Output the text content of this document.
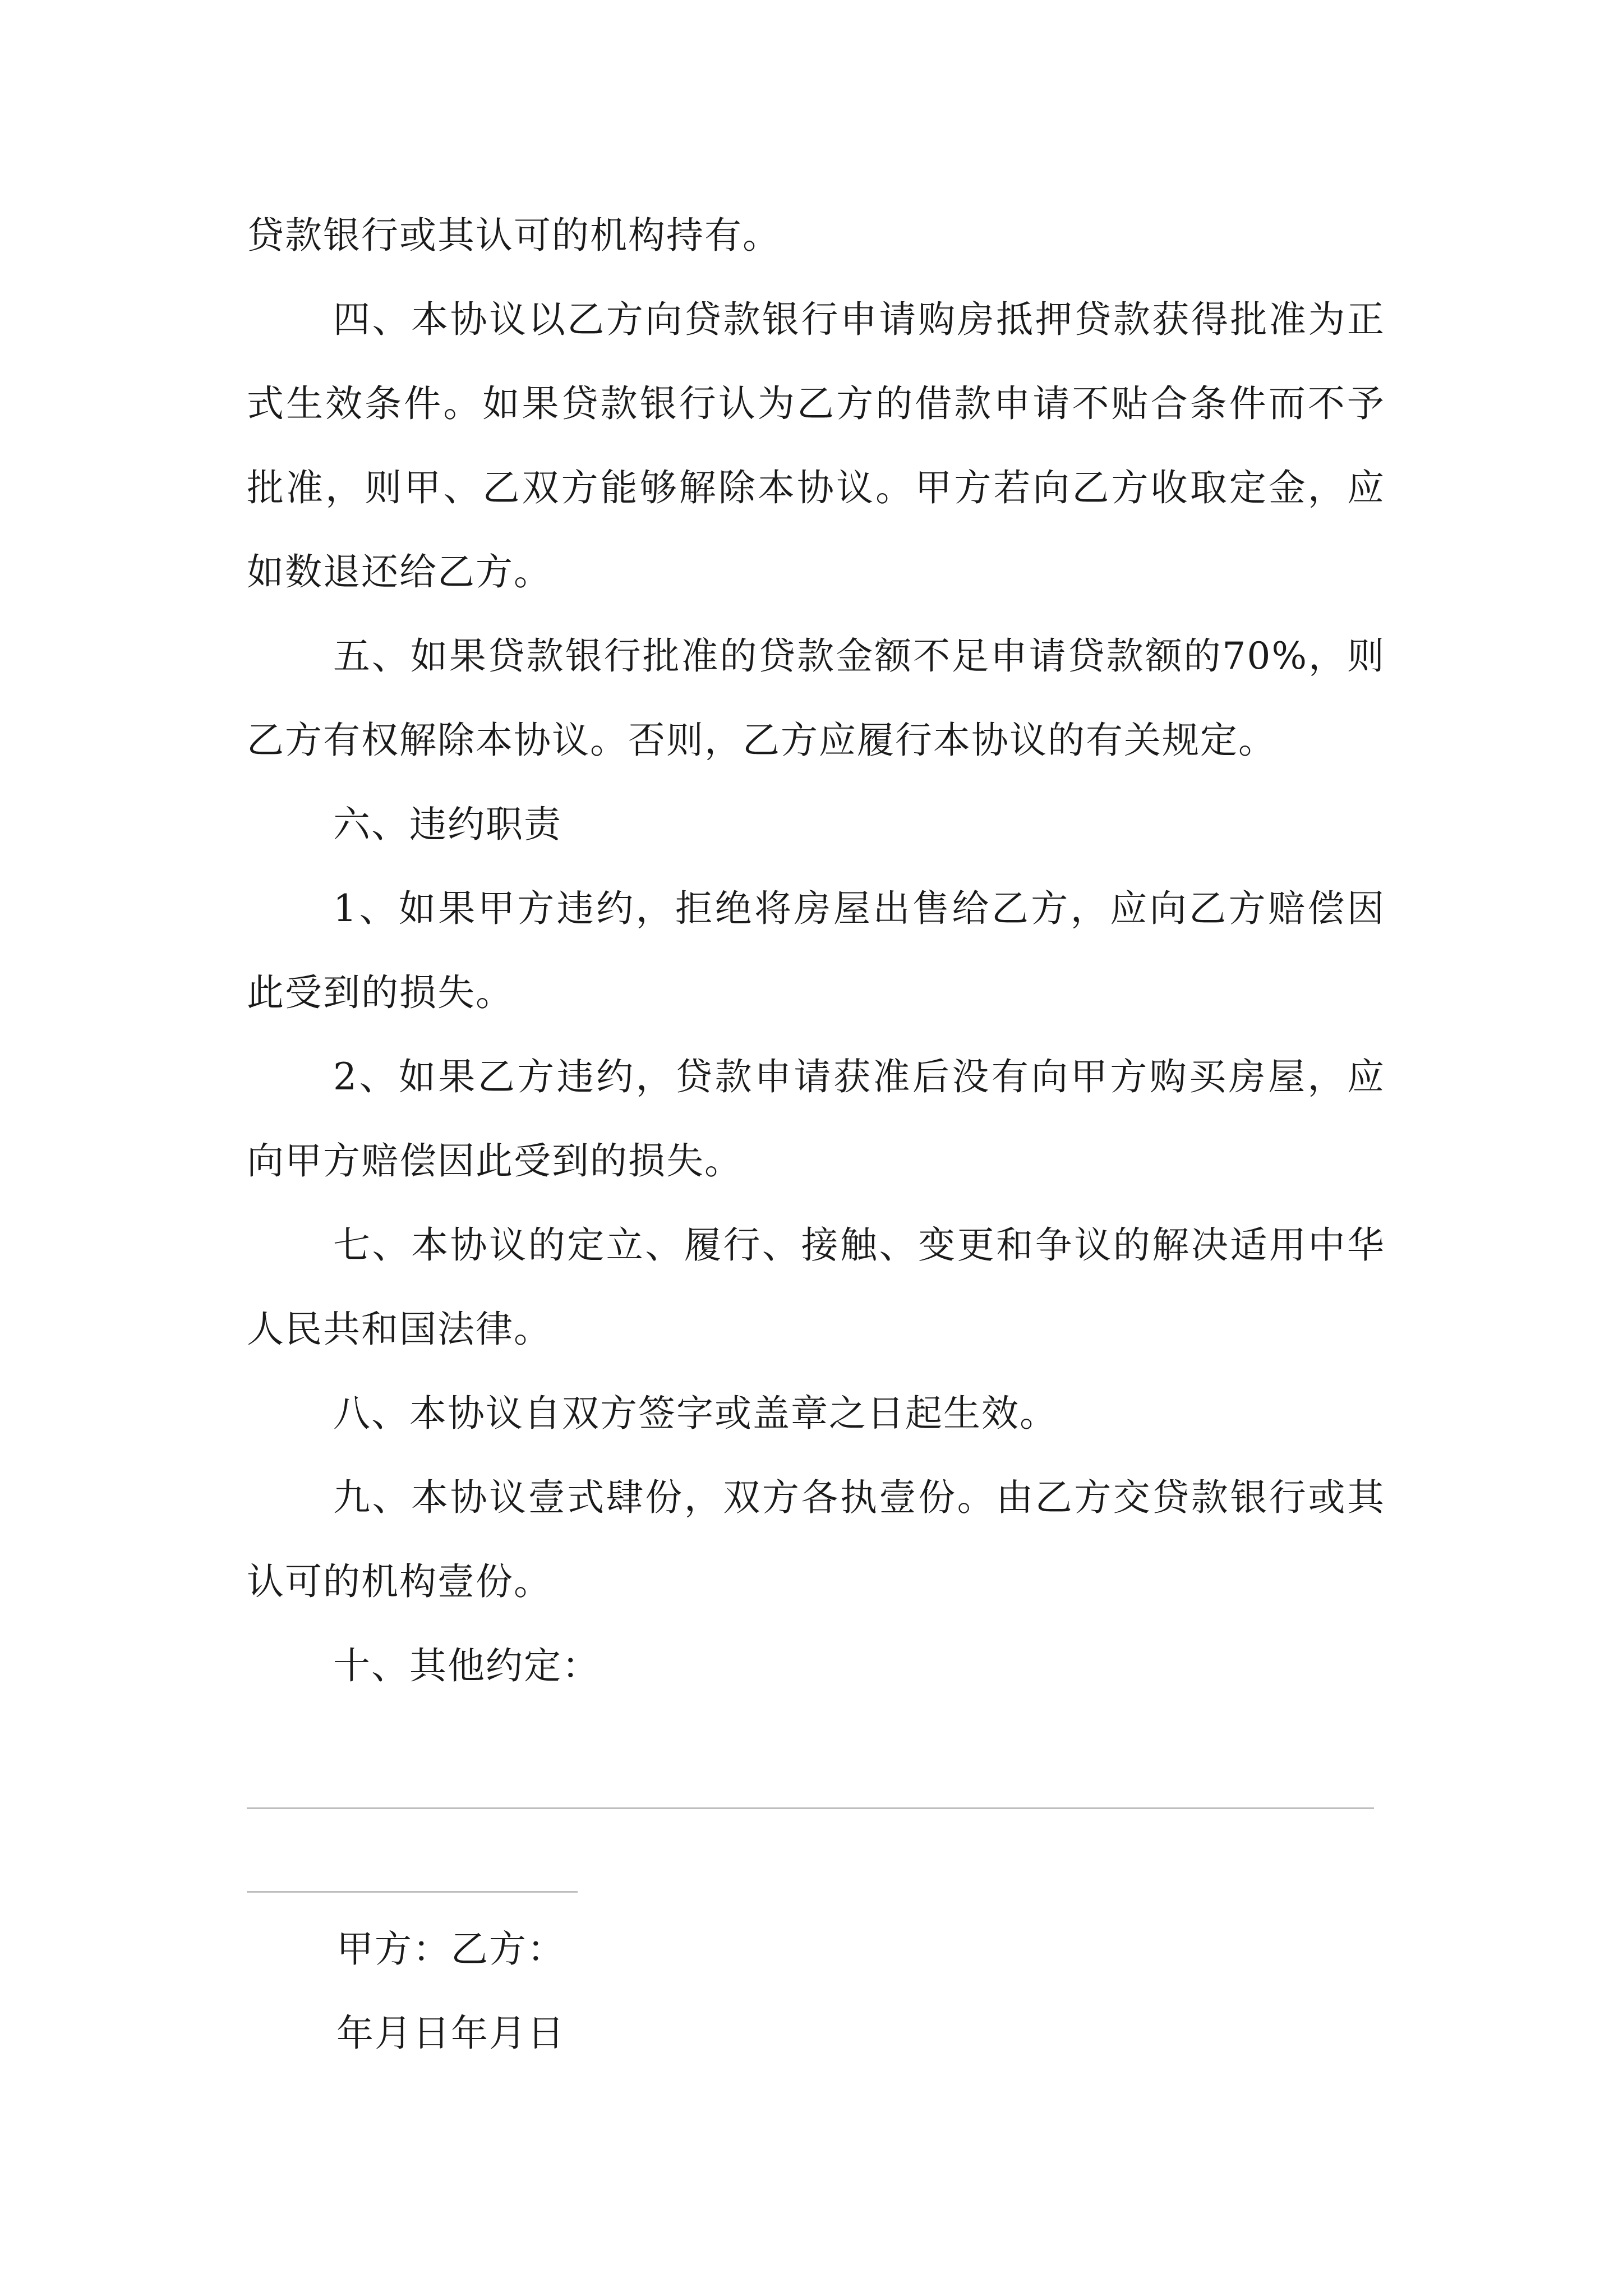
贷款银行或其认可的机构持有。

四、本协议以乙方向贷款银行申请购房抵押贷款获得批准为正式生效条件。如果贷款银行认为乙方的借款申请不贴合条件而不予批准，则甲、乙双方能够解除本协议。甲方若向乙方收取定金，应如数退还给乙方。

五、如果贷款银行批准的贷款金额不足申请贷款额的70%，则乙方有权解除本协议。否则，乙方应履行本协议的有关规定。

六、违约职责

1、如果甲方违约，拒绝将房屋出售给乙方，应向乙方赔偿因此受到的损失。

2、如果乙方违约，贷款申请获准后没有向甲方购买房屋，应向甲方赔偿因此受到的损失。

七、本协议的定立、履行、接触、变更和争议的解决适用中华人民共和国法律。

八、本协议自双方签字或盖章之日起生效。

九、本协议壹式肆份，双方各执壹份。由乙方交贷款银行或其认可的机构壹份。

十、其他约定：

甲方：乙方：

年月日年月日
